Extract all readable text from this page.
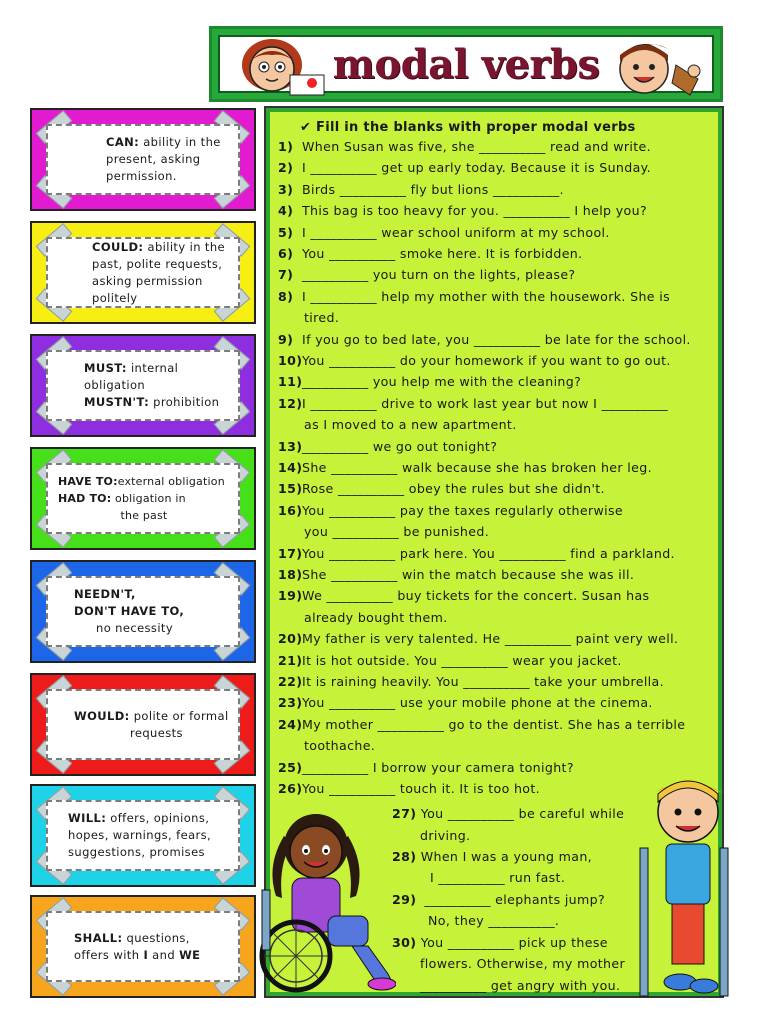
modal verbs
CAN: ability in the present, asking permission.
COULD: ability in the past, polite requests, asking permission politely
MUST: internal obligation
MUSTN'T: prohibition
HAVE TO:external obligation
HAD TO: obligation in
the past
NEEDN'T,
DON'T HAVE TO,
no necessity
WOULD: polite or formal
requests
WILL: offers, opinions, hopes, warnings, fears, suggestions, promises
SHALL: questions, offers with I and WE
✔ Fill in the blanks with proper modal verbs
1) When Susan was five, she __________ read and write.
2) I __________ get up early today. Because it is Sunday.
3) Birds __________ fly but lions __________.
4) This bag is too heavy for you. __________ I help you?
5) I __________ wear school uniform at my school.
6) You __________ smoke here. It is forbidden.
7) __________ you turn on the lights, please?
8) I __________ help my mother with the housework. She is
tired.
9) If you go to bed late, you __________ be late for the school.
10)You __________ do your homework if you want to go out.
11)__________ you help me with the cleaning?
12)I __________ drive to work last year but now I __________
as I moved to a new apartment.
13)__________ we go out tonight?
14)She __________ walk because she has broken her leg.
15)Rose __________ obey the rules but she didn't.
16)You __________ pay the taxes regularly otherwise
you __________ be punished.
17)You __________ park here. You __________ find a parkland.
18)She __________ win the match because she was ill.
19)We __________ buy tickets for the concert. Susan has
already bought them.
20)My father is very talented. He __________ paint very well.
21)It is hot outside. You __________ wear you jacket.
22)It is raining heavily. You __________ take your umbrella.
23)You __________ use your mobile phone at the cinema.
24)My mother __________ go to the dentist. She has a terrible
toothache.
25)__________ I borrow your camera tonight?
26)You __________ touch it. It is too hot.
27) You __________ be careful while
driving.
28) When I was a young man,
I __________ run fast.
29) __________ elephants jump?
No, they __________.
30) You __________ pick up these
flowers. Otherwise, my mother
__________ get angry with you.
